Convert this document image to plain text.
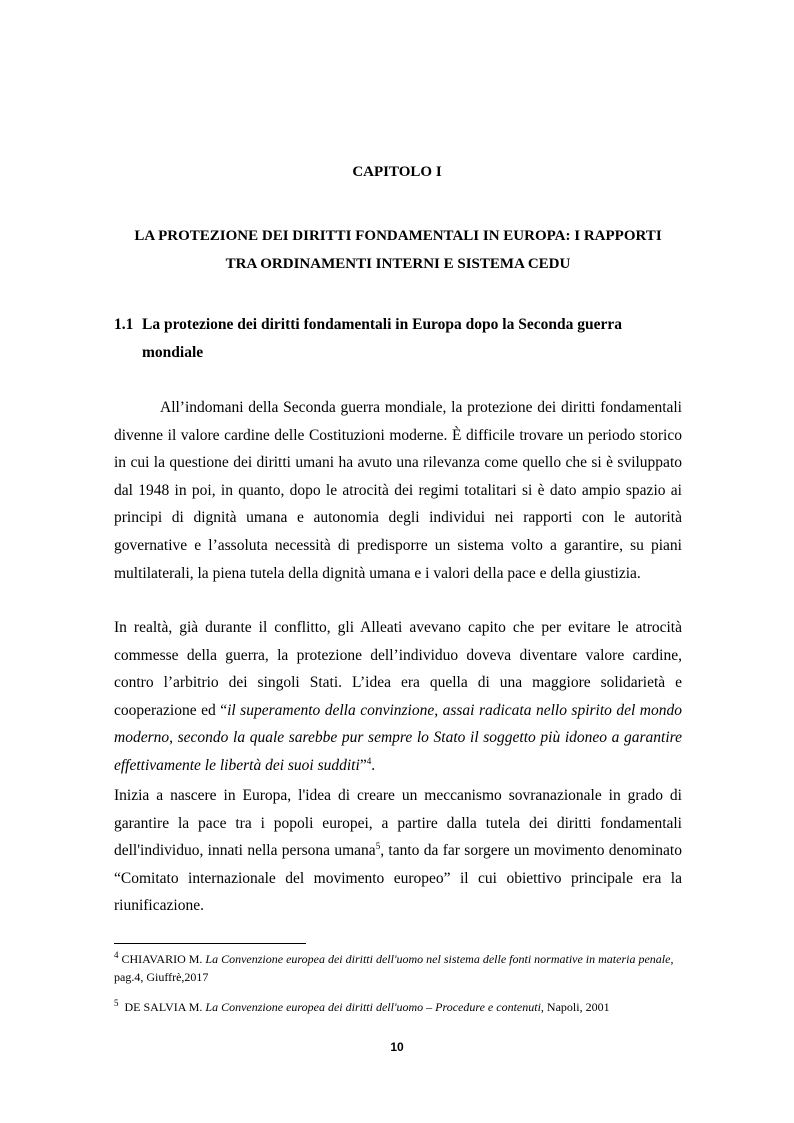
CAPITOLO I
LA PROTEZIONE DEI DIRITTI FONDAMENTALI IN EUROPA: I RAPPORTI
TRA ORDINAMENTI INTERNI E SISTEMA CEDU
1.1 La protezione dei diritti fondamentali in Europa dopo la Seconda guerra
mondiale

All’indomani della Seconda guerra mondiale, la protezione dei diritti fondamentali divenne il valore cardine delle Costituzioni moderne. È difficile trovare un periodo storico in cui la questione dei diritti umani ha avuto una rilevanza come quello che si è sviluppato dal 1948 in poi, in quanto, dopo le atrocità dei regimi totalitari si è dato ampio spazio ai principi di dignità umana e autonomia degli individui nei rapporti con le autorità governative e l’assoluta necessità di predisporre un sistema volto a garantire, su piani multilaterali, la piena tutela della dignità umana e i valori della pace e della giustizia.

In realtà, già durante il conflitto, gli Alleati avevano capito che per evitare le atrocità commesse della guerra, la protezione dell’individuo doveva diventare valore cardine, contro l’arbitrio dei singoli Stati. L’idea era quella di una maggiore solidarietà e cooperazione ed “il superamento della convinzione, assai radicata nello spirito del mondo moderno, secondo la quale sarebbe pur sempre lo Stato il soggetto più idoneo a garantire effettivamente le libertà dei suoi sudditi”$^4$.

Inizia a nascere in Europa, l'idea di creare un meccanismo sovranazionale in grado di garantire la pace tra i popoli europei, a partire dalla tutela dei diritti fondamentali dell'individuo, innati nella persona umana$^5$, tanto da far sorgere un movimento denominato “Comitato internazionale del movimento europeo” il cui obiettivo principale era la riunificazione.

$^4$ CHIAVARIO M. La Convenzione europea dei diritti dell'uomo nel sistema delle fonti normative in materia penale, pag.4, Giuffrè,2017

$^5$  DE SALVIA M. La Convenzione europea dei diritti dell'uomo – Procedure e contenuti, Napoli, 2001

10
